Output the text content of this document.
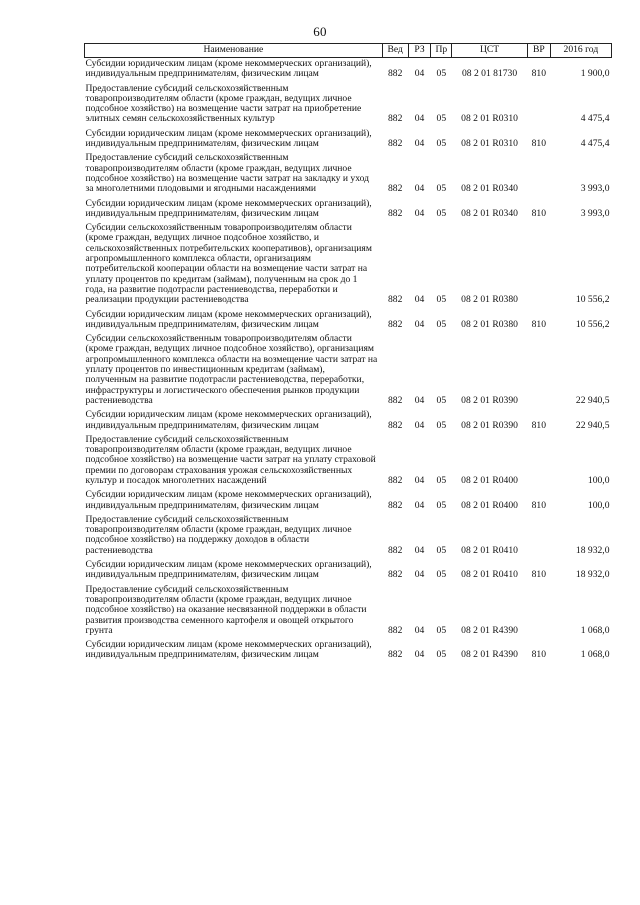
60
Наименование	Вед	РЗ	Пр	ЦСТ	ВР	2016 год
Субсидии юридическим лицам (кроме некоммерческих организаций), индивидуальным предпринимателям, физическим лицам	882	04	05	08 2 01 81730	810	1 900,0
Предоставление субсидий сельскохозяйственным товаропроизводителям области (кроме граждан, ведущих личное подсобное хозяйство) на возмещение части затрат на приобретение элитных семян сельскохозяйственных культур	882	04	05	08 2 01 R0310		4 475,4
Субсидии юридическим лицам (кроме некоммерческих организаций), индивидуальным предпринимателям, физическим лицам	882	04	05	08 2 01 R0310	810	4 475,4
Предоставление субсидий сельскохозяйственным товаропроизводителям области (кроме граждан, ведущих личное подсобное хозяйство) на возмещение части затрат на закладку и уход за многолетними плодовыми и ягодными насаждениями	882	04	05	08 2 01 R0340		3 993,0
Субсидии юридическим лицам (кроме некоммерческих организаций), индивидуальным предпринимателям, физическим лицам	882	04	05	08 2 01 R0340	810	3 993,0
Субсидии сельскохозяйственным товаропроизводителям области (кроме граждан, ведущих личное подсобное хозяйство, и сельскохозяйственных потребительских кооперативов), организациям агропромышленного комплекса области, организациям потребительской кооперации области на возмещение части затрат на уплату процентов по кредитам (займам), полученным на срок до 1 года, на развитие подотрасли растениеводства, переработки и реализации продукции растениеводства	882	04	05	08 2 01 R0380		10 556,2
Субсидии юридическим лицам (кроме некоммерческих организаций), индивидуальным предпринимателям, физическим лицам	882	04	05	08 2 01 R0380	810	10 556,2
Субсидии сельскохозяйственным товаропроизводителям области (кроме граждан, ведущих личное подсобное хозяйство), организациям агропромышленного комплекса области на возмещение части затрат на уплату процентов по инвестиционным кредитам (займам), полученным на развитие подотрасли растениеводства, переработки, инфраструктуры и логистического обеспечения рынков продукции растениеводства	882	04	05	08 2 01 R0390		22 940,5
Субсидии юридическим лицам (кроме некоммерческих организаций), индивидуальным предпринимателям, физическим лицам	882	04	05	08 2 01 R0390	810	22 940,5
Предоставление субсидий сельскохозяйственным товаропроизводителям области (кроме граждан, ведущих личное подсобное хозяйство) на возмещение части затрат на уплату страховой премии по договорам страхования урожая сельскохозяйственных культур и посадок многолетних насаждений	882	04	05	08 2 01 R0400		100,0
Субсидии юридическим лицам (кроме некоммерческих организаций), индивидуальным предпринимателям, физическим лицам	882	04	05	08 2 01 R0400	810	100,0
Предоставление субсидий сельскохозяйственным товаропроизводителям области (кроме граждан, ведущих личное подсобное хозяйство) на поддержку доходов в области растениеводства	882	04	05	08 2 01 R0410		18 932,0
Субсидии юридическим лицам (кроме некоммерческих организаций), индивидуальным предпринимателям, физическим лицам	882	04	05	08 2 01 R0410	810	18 932,0
Предоставление субсидий сельскохозяйственным товаропроизводителям области (кроме граждан, ведущих личное подсобное хозяйство) на оказание несвязанной поддержки в области развития производства семенного картофеля и овощей открытого грунта	882	04	05	08 2 01 R4390		1 068,0
Субсидии юридическим лицам (кроме некоммерческих организаций), индивидуальным предпринимателям, физическим лицам	882	04	05	08 2 01 R4390	810	1 068,0
